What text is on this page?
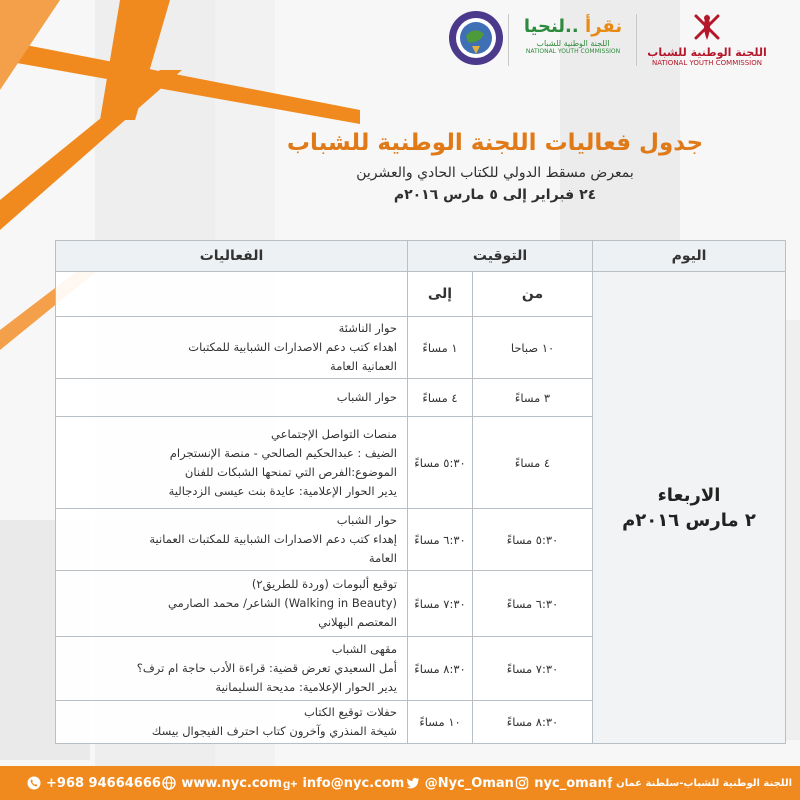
اللجنة الوطنية للشباب
NATIONAL YOUTH COMMISSION
نقرأ ..لنحيا
اللجنة الوطنية للشباب
NATIONAL YOUTH COMMISSION
جدول فعاليات اللجنة الوطنية للشباب
بمعرض مسقط الدولي للكتاب الحادي والعشرين
٢٤ فبراير إلى ٥ مارس ٢٠١٦م
اليوم	التوقيت		الفعاليات

الاربعاء
٢ مارس ٢٠١٦م	من	إلى	
	١٠ صباحا	١ مساءً	حوار الناشئة
اهداء كتب دعم الاصدارات الشبابية للمكتبات
العمانية العامة

	٣ مساءً	٤ مساءً	حوار الشباب

	٤ مساءً	٥:٣٠ مساءً	منصات التواصل الإجتماعي
الضيف : عبدالحكيم الصالحي - منصة الإنستجرام
الموضوع:الفرص التي تمنحها الشبكات للفنان
يدير الحوار الإعلامية: عايدة بنت عيسى الزدجالية

	٥:٣٠ مساءً	٦:٣٠ مساءً	حوار الشباب
إهداء كتب دعم الاصدارات الشبابية للمكتبات العمانية
العامة

	٦:٣٠ مساءً	٧:٣٠ مساءً	توقيع ألبومات (وردة للطريق٢)
(Walking in Beauty) الشاعر/ محمد الصارمي
المعتصم البهلاني

	٧:٣٠ مساءً	٨:٣٠ مساءً	مقهى الشباب
أمل السعيدي تعرض قضية: قراءة الأدب حاجة ام ترف؟
يدير الحوار الإعلامية: مديحة السليمانية

	٨:٣٠ مساءً	١٠ مساءً	حفلات توقيع الكتاب
شيخة المنذري وآخرون كتاب احترف الفيجوال بيسك
+968 94664666 www.nyc.com g+ info@nyc.com @Nyc_Oman nyc_oman f اللجنة الوطنية للشباب-سلطنة عمان
